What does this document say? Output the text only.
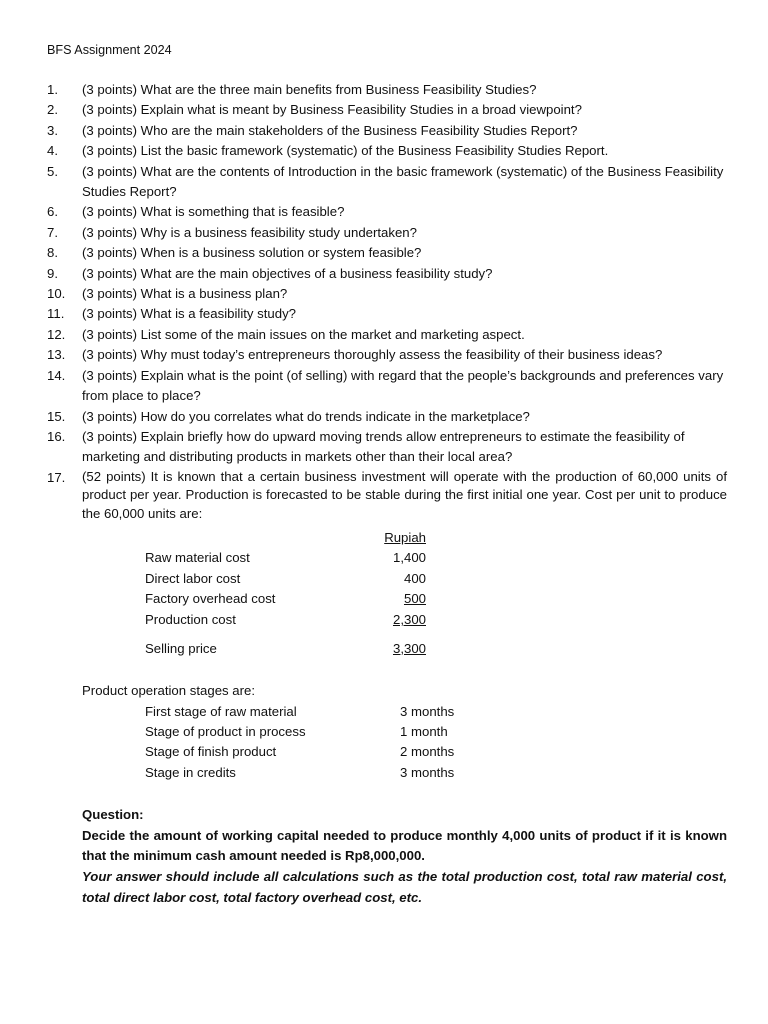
BFS Assignment 2024
1.	(3 points) What are the three main benefits from Business Feasibility Studies?
2.	(3 points) Explain what is meant by Business Feasibility Studies in a broad viewpoint?
3.	(3 points) Who are the main stakeholders of the Business Feasibility Studies Report?
4.	(3 points) List the basic framework (systematic) of the Business Feasibility Studies Report.
5.	(3 points) What are the contents of Introduction in the basic framework (systematic) of the Business Feasibility Studies Report?
6.	(3 points) What is something that is feasible?
7.	(3 points) Why is a business feasibility study undertaken?
8.	(3 points) When is a business solution or system feasible?
9.	(3 points) What are the main objectives of a business feasibility study?
10.	(3 points) What is a business plan?
11.	(3 points) What is a feasibility study?
12.	(3 points) List some of the main issues on the market and marketing aspect.
13.	(3 points) Why must today’s entrepreneurs thoroughly assess the feasibility of their business ideas?
14.	(3 points) Explain what is the point (of selling) with regard that the people’s backgrounds and preferences vary from place to place?
15.	(3 points) How do you correlates what do trends indicate in the marketplace?
16.	(3 points) Explain briefly how do upward moving trends allow entrepreneurs to estimate the feasibility of marketing and distributing products in markets other than their local area?
17.	(52 points) It is known that a certain business investment will operate with the production of 60,000 units of product per year. Production is forecasted to be stable during the first initial one year. Cost per unit to produce the 60,000 units are:
Rupiah
Raw material cost	1,400
Direct labor cost	400
Factory overhead cost	500
Production cost	2,300
Selling price	3,300
Product operation stages are:
First stage of raw material	3 months
Stage of product in process	1 month
Stage of finish product	2 months
Stage in credits	3 months
Question:
Decide the amount of working capital needed to produce monthly 4,000 units of product if it is known that the minimum cash amount needed is Rp8,000,000.
Your answer should include all calculations such as the total production cost, total raw material cost, total direct labor cost, total factory overhead cost, etc.
